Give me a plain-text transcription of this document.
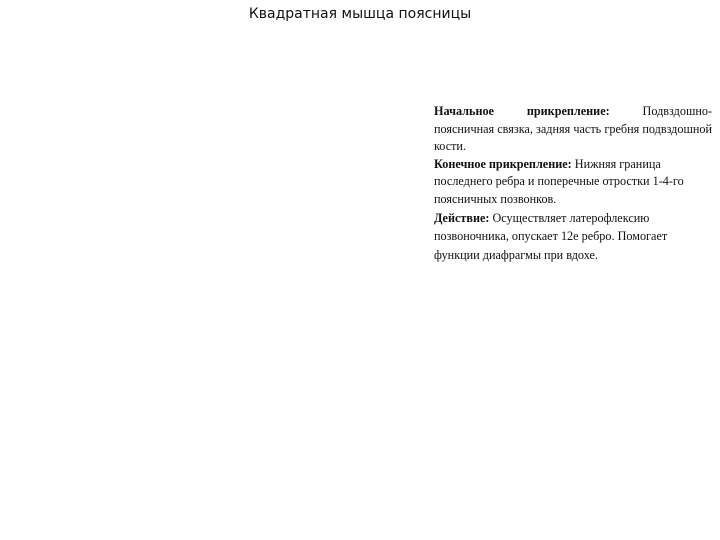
Квадратная мышца поясницы

Начальное прикрепление: Подвздошно-поясничная связка, задняя часть гребня подвздошной кости.

Конечное прикрепление: Нижняя граница последнего ребра и поперечные отростки 1-4-го поясничных позвонков.

Действие: Осуществляет латерофлексию позвоночника, опускает 12е ребро. Помогает функции диафрагмы при вдохе.
